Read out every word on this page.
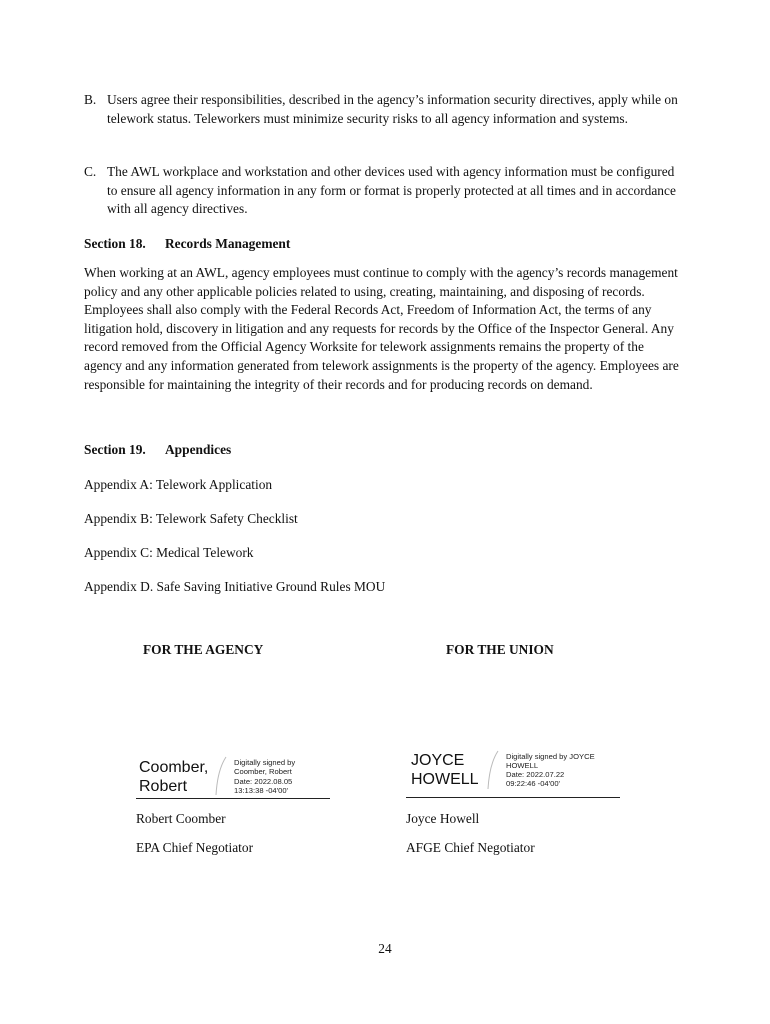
B. Users agree their responsibilities, described in the agency’s information security directives, apply while on telework status. Teleworkers must minimize security risks to all agency information and systems.
C. The AWL workplace and workstation and other devices used with agency information must be configured to ensure all agency information in any form or format is properly protected at all times and in accordance with all agency directives.
Section 18. Records Management
When working at an AWL, agency employees must continue to comply with the agency’s records management policy and any other applicable policies related to using, creating, maintaining, and disposing of records. Employees shall also comply with the Federal Records Act, Freedom of Information Act, the terms of any litigation hold, discovery in litigation and any requests for records by the Office of the Inspector General. Any record removed from the Official Agency Worksite for telework assignments remains the property of the agency and any information generated from telework assignments is the property of the agency. Employees are responsible for maintaining the integrity of their records and for producing records on demand.
Section 19. Appendices
Appendix A: Telework Application
Appendix B: Telework Safety Checklist
Appendix C: Medical Telework
Appendix D. Safe Saving Initiative Ground Rules MOU
FOR THE AGENCY	FOR THE UNION
Coomber,
Robert
Digitally signed by
Coomber, Robert
Date: 2022.08.05
13:13:38 -04'00'
JOYCE
HOWELL
Digitally signed by JOYCE
HOWELL
Date: 2022.07.22
09:22:46 -04'00'
Robert Coomber
EPA Chief Negotiator
Joyce Howell
AFGE Chief Negotiator
24
